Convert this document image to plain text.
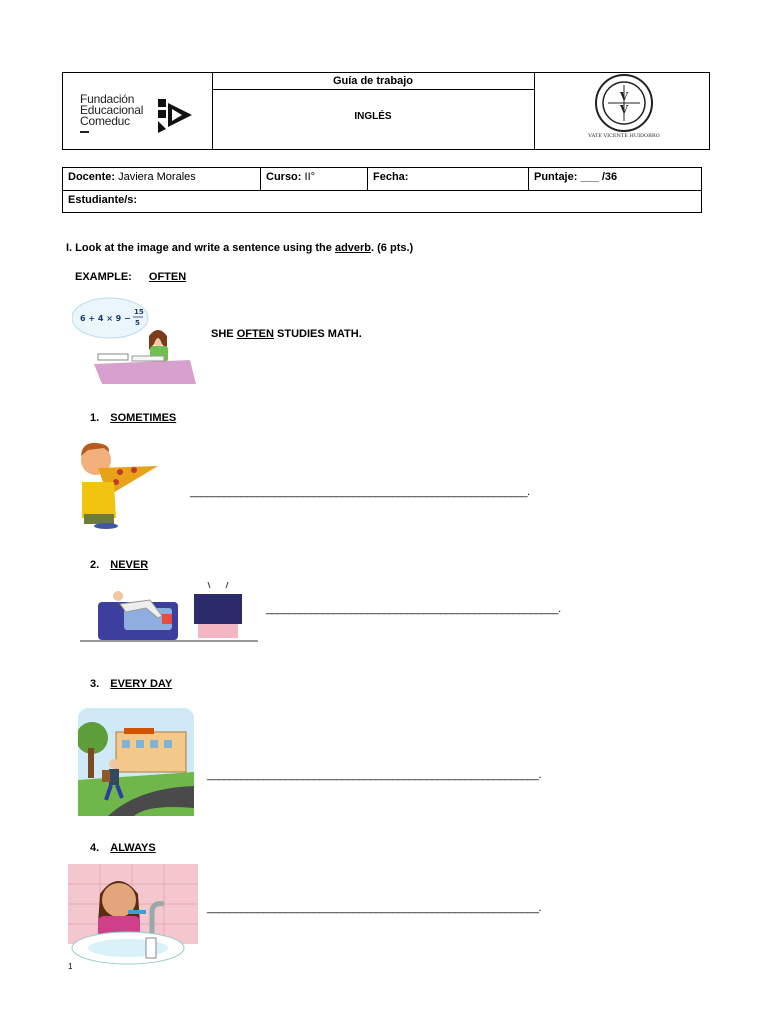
Fundación
Educacional
Comeduc
Guía de trabajo
INGLÉS
V
V
VATE VICENTE HUIDOBRO
Docente: Javiera Morales	Curso: II°	Fecha:	Puntaje: ___ /36
Estudiante/s:
I. Look at the image and write a sentence using the adverb. (6 pts.)
EXAMPLE: OFTEN
6 + 4 × 9 −
15
5
SHE OFTEN STUDIES MATH.
1. SOMETIMES
____________________________________________________________.
2. NEVER
____________________________________________________.
3. EVERY DAY
___________________________________________________________.
4. ALWAYS
___________________________________________________________.
1
